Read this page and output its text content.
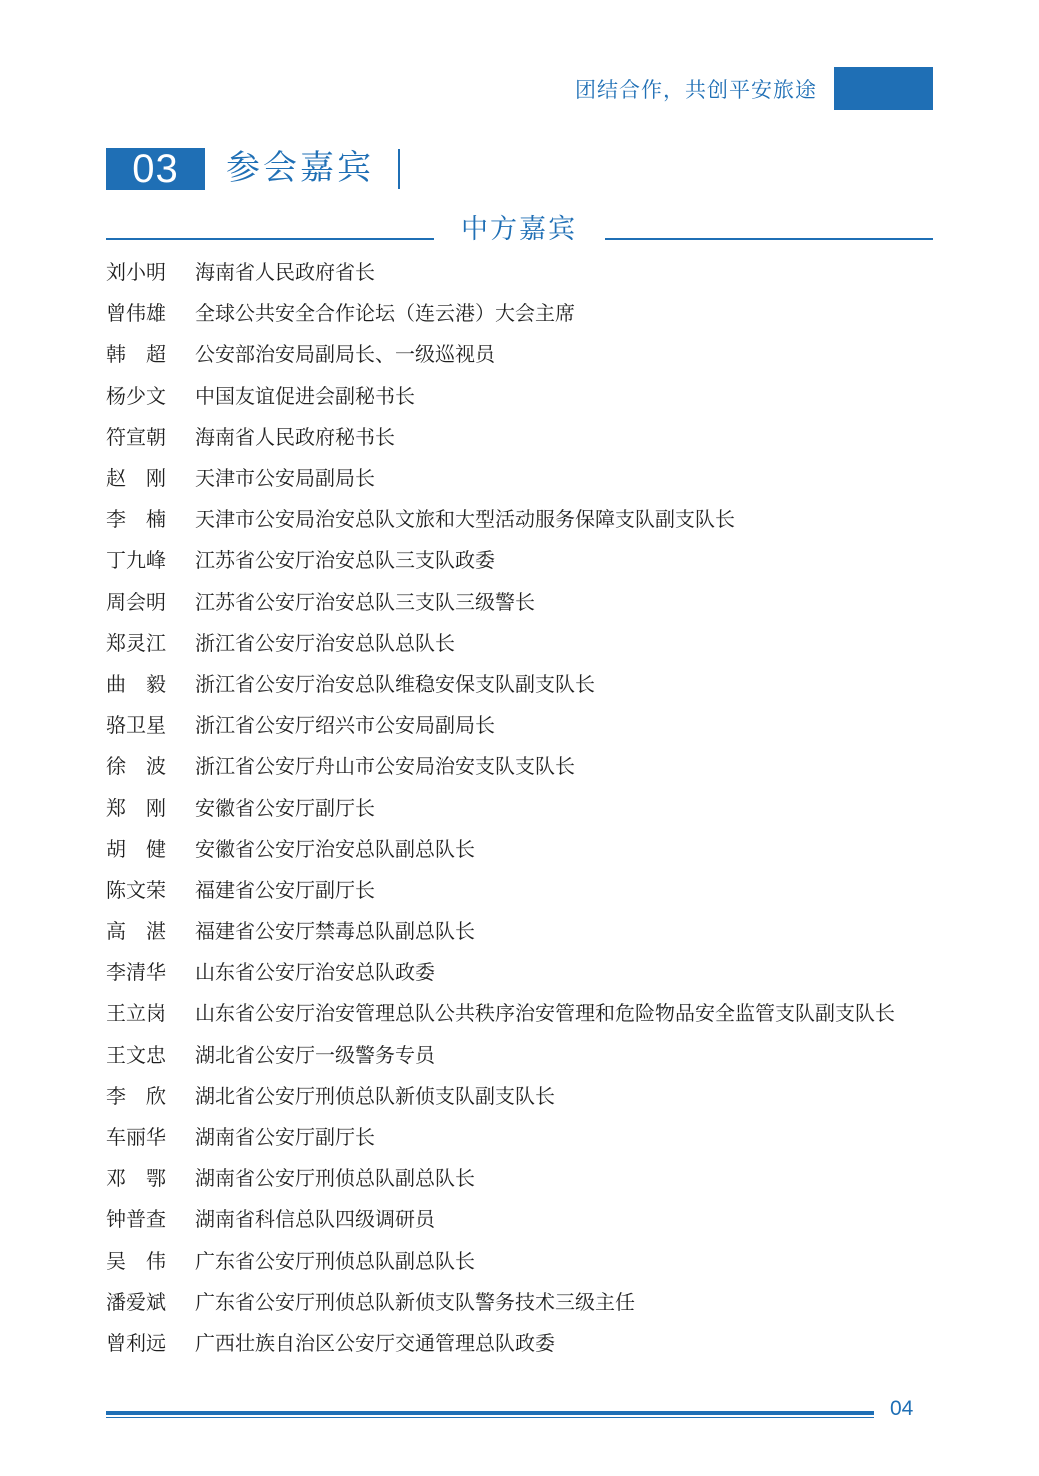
团结合作，共创平安旅途
03	参会嘉宾
中方嘉宾
刘小明	海南省人民政府省长
曾伟雄	全球公共安全合作论坛（连云港）大会主席
韩　超	公安部治安局副局长、一级巡视员
杨少文	中国友谊促进会副秘书长
符宣朝	海南省人民政府秘书长
赵　刚	天津市公安局副局长
李　楠	天津市公安局治安总队文旅和大型活动服务保障支队副支队长
丁九峰	江苏省公安厅治安总队三支队政委
周会明	江苏省公安厅治安总队三支队三级警长
郑灵江	浙江省公安厅治安总队总队长
曲　毅	浙江省公安厅治安总队维稳安保支队副支队长
骆卫星	浙江省公安厅绍兴市公安局副局长
徐　波	浙江省公安厅舟山市公安局治安支队支队长
郑　刚	安徽省公安厅副厅长
胡　健	安徽省公安厅治安总队副总队长
陈文荣	福建省公安厅副厅长
高　湛	福建省公安厅禁毒总队副总队长
李清华	山东省公安厅治安总队政委
王立岗	山东省公安厅治安管理总队公共秩序治安管理和危险物品安全监管支队副支队长
王文忠	湖北省公安厅一级警务专员
李　欣	湖北省公安厅刑侦总队新侦支队副支队长
车丽华	湖南省公安厅副厅长
邓　鄂	湖南省公安厅刑侦总队副总队长
钟普查	湖南省科信总队四级调研员
吴　伟	广东省公安厅刑侦总队副总队长
潘爱斌	广东省公安厅刑侦总队新侦支队警务技术三级主任
曾利远	广西壮族自治区公安厅交通管理总队政委
04
